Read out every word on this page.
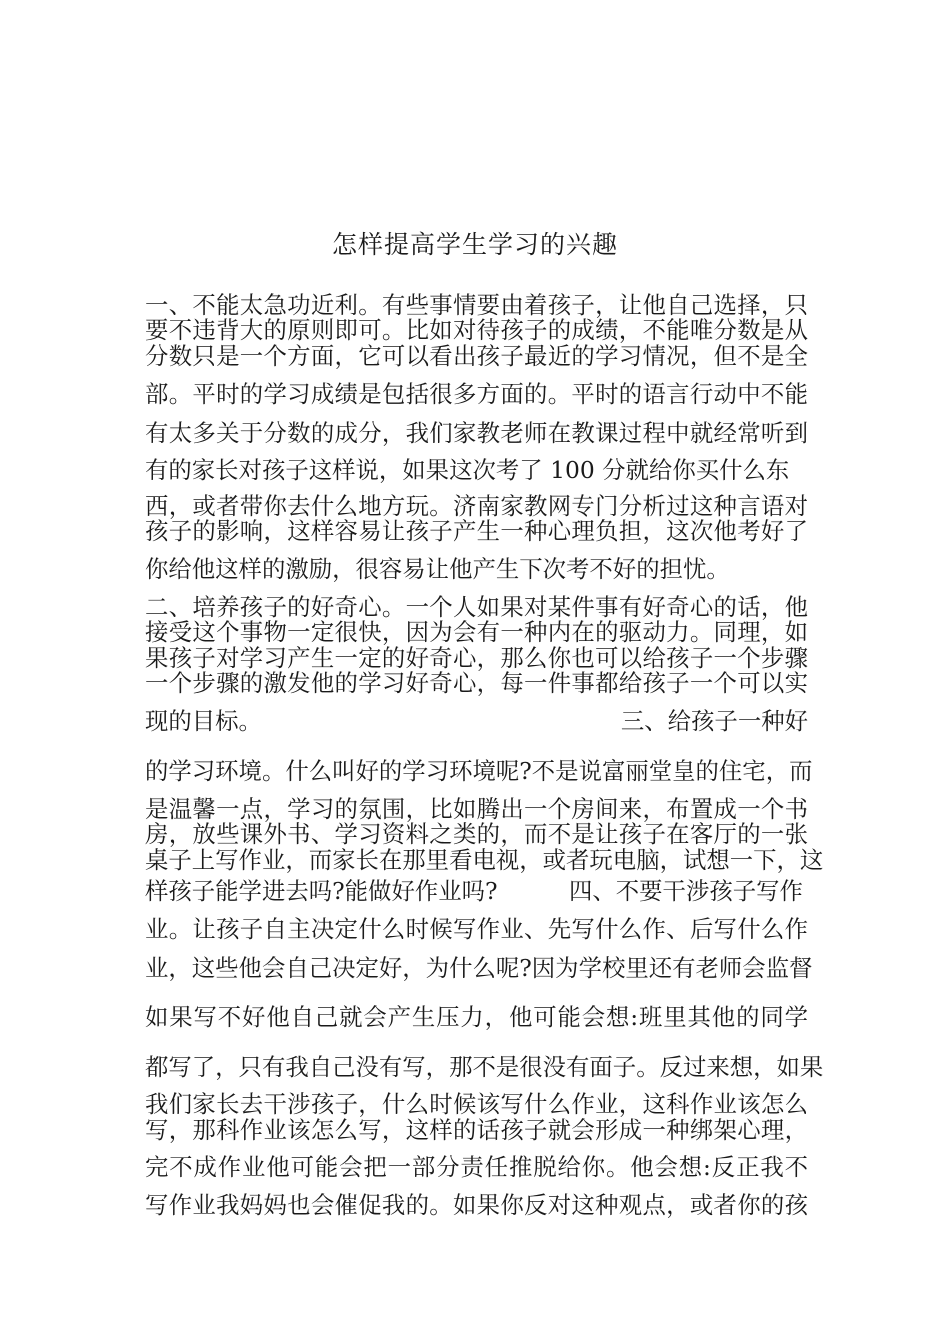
怎样提高学生学习的兴趣
一、不能太急功近利。有些事情要由着孩子，让他自己选择，只
要不违背大的原则即可。比如对待孩子的成绩，不能唯分数是从
分数只是一个方面，它可以看出孩子最近的学习情况，但不是全
部。平时的学习成绩是包括很多方面的。平时的语言行动中不能
有太多关于分数的成分，我们家教老师在教课过程中就经常听到
有的家长对孩子这样说，如果这次考了 100 分就给你买什么东
西，或者带你去什么地方玩。济南家教网专门分析过这种言语对
孩子的影响，这样容易让孩子产生一种心理负担，这次他考好了
你给他这样的激励，很容易让他产生下次考不好的担忧。
二、培养孩子的好奇心。一个人如果对某件事有好奇心的话，他
接受这个事物一定很快，因为会有一种内在的驱动力。同理，如
果孩子对学习产生一定的好奇心，那么你也可以给孩子一个步骤
一个步骤的激发他的学习好奇心，每一件事都给孩子一个可以实
现的目标。	三、给孩子一种好
的学习环境。什么叫好的学习环境呢?不是说富丽堂皇的住宅，而
是温馨一点，学习的氛围，比如腾出一个房间来，布置成一个书
房，放些课外书、学习资料之类的，而不是让孩子在客厅的一张
桌子上写作业，而家长在那里看电视，或者玩电脑，试想一下，这
样孩子能学进去吗?能做好作业吗?	四、不要干涉孩子写作
业。让孩子自主决定什么时候写作业、先写什么作、后写什么作
业，这些他会自己决定好，为什么呢?因为学校里还有老师会监督
如果写不好他自己就会产生压力，他可能会想:班里其他的同学
都写了，只有我自己没有写，那不是很没有面子。反过来想，如果
我们家长去干涉孩子，什么时候该写什么作业，这科作业该怎么
写，那科作业该怎么写，这样的话孩子就会形成一种绑架心理，
完不成作业他可能会把一部分责任推脱给你。他会想:反正我不
写作业我妈妈也会催促我的。如果你反对这种观点，或者你的孩
